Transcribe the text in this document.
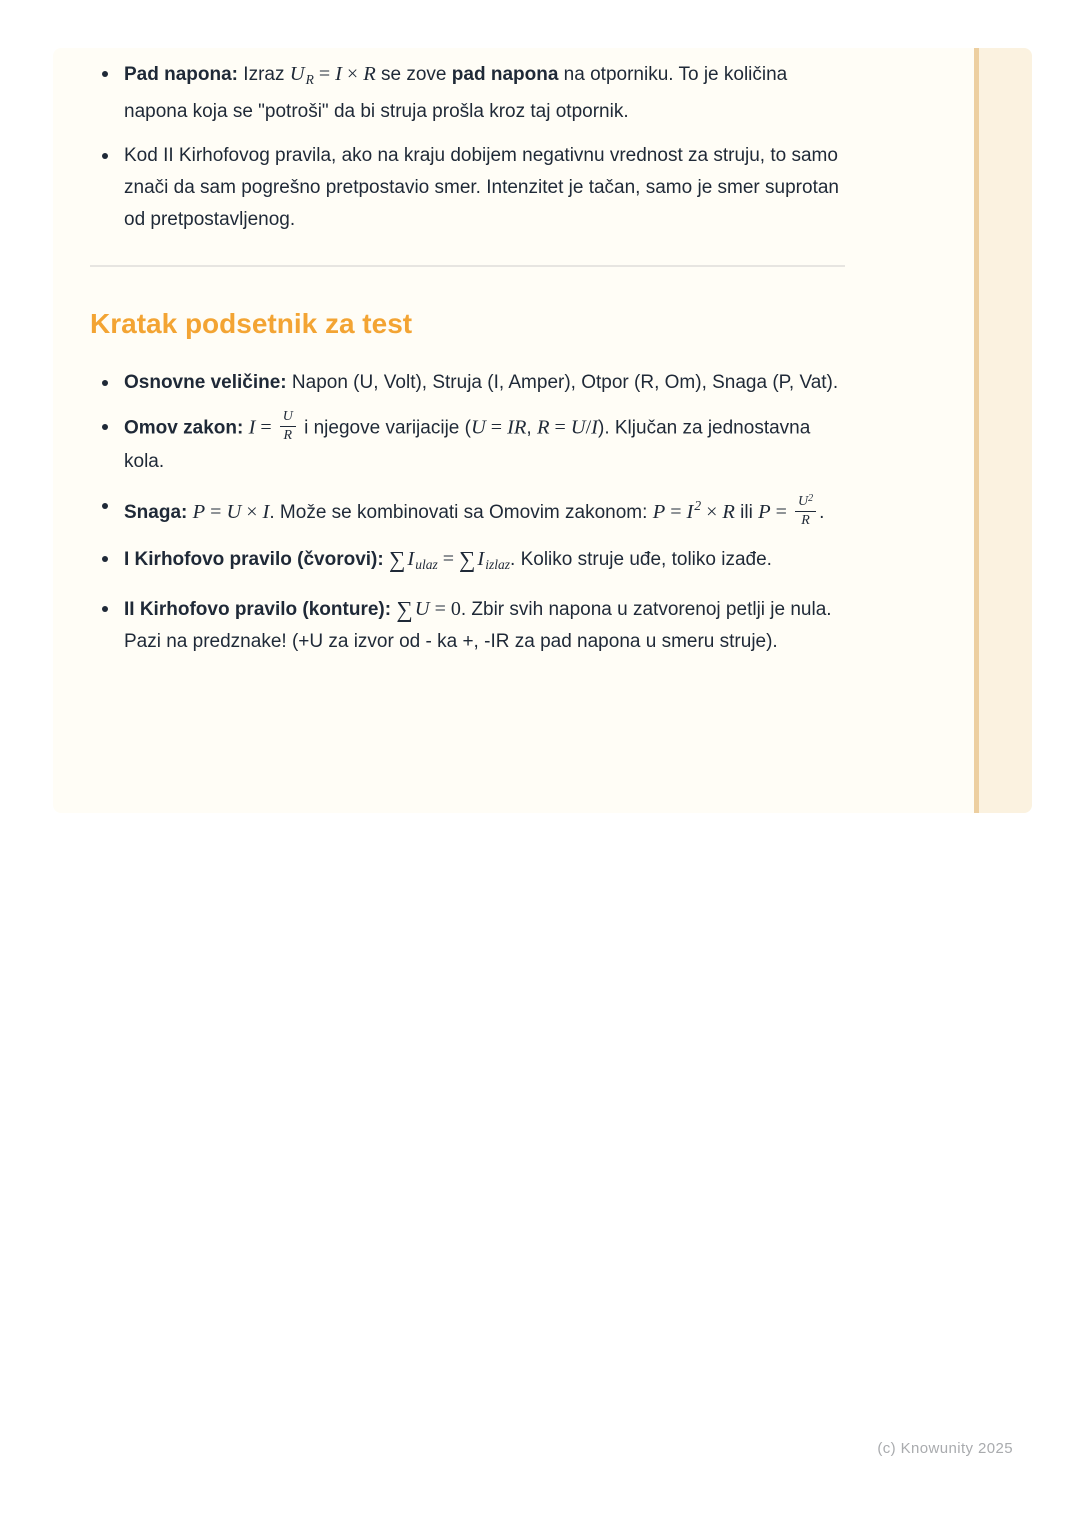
Pad napona: Izraz $U_R = I \times R$ se zove pad napona na otporniku. To je količina napona koja se "potroši" da bi struja prošla kroz taj otpornik.
Kod II Kirhofovog pravila, ako na kraju dobijem negativnu vrednost za struju, to samo znači da sam pogrešno pretpostavio smer. Intenzitet je tačan, samo je smer suprotan od pretpostavljenog.
Kratak podsetnik za test
Osnovne veličine: Napon (U, Volt), Struja (I, Amper), Otpor (R, Om), Snaga (P, Vat).
Omov zakon: $I = \frac{U}{R}$ i njegove varijacije (U = IR, R = U/I). Ključan za jednostavna kola.
Snaga: P = U × I. Može se kombinovati sa Omovim zakonom: $P = I^2 \times R$ ili $P = \frac{U^2}{R}$ .
I Kirhofovo pravilo (čvorovi): $\sum I_{ulaz} = \sum I_{izlaz}$. Koliko struje uđe, toliko izađe.
II Kirhofovo pravilo (konture): ∑U = 0. Zbir svih napona u zatvorenoj petlji je nula. Pazi na predznake! (+U za izvor od - ka +, -IR za pad napona u smeru struje).
(c) Knowunity 2025
